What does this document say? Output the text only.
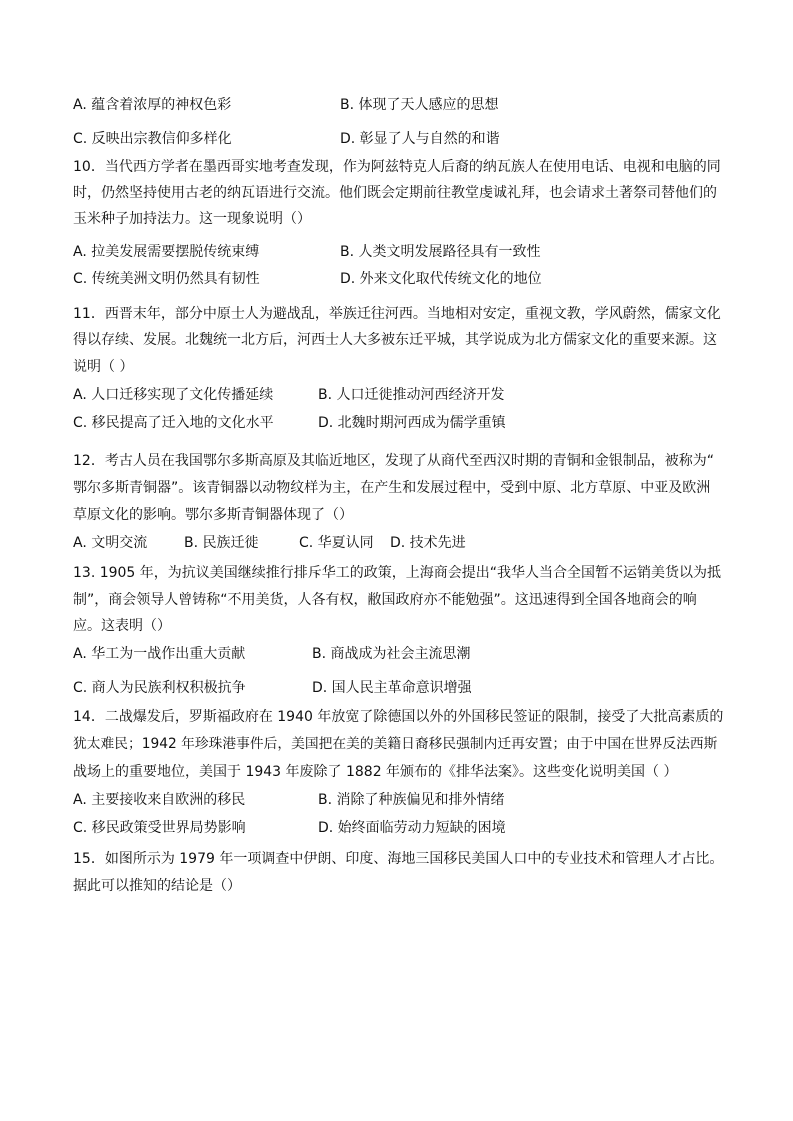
A. 蕴含着浓厚的神权色彩	B. 体现了天人感应的思想
C. 反映出宗教信仰多样化	D. 彰显了人与自然的和谐
10．当代西方学者在墨西哥实地考查发现，作为阿兹特克人后裔的纳瓦族人在使用电话、电视和电脑的同
时，仍然坚持使用古老的纳瓦语进行交流。他们既会定期前往教堂虔诚礼拜，也会请求土著祭司替他们的
玉米种子加持法力。这一现象说明（）
A. 拉美发展需要摆脱传统束缚	B. 人类文明发展路径具有一致性
C. 传统美洲文明仍然具有韧性	D. 外来文化取代传统文化的地位
11．西晋末年，部分中原士人为避战乱，举族迁往河西。当地相对安定，重视文教，学风蔚然，儒家文化
得以存续、发展。北魏统一北方后，河西士人大多被东迁平城，其学说成为北方儒家文化的重要来源。这
说明（ ）
A. 人口迁移实现了文化传播延续	B. 人口迁徙推动河西经济开发
C. 移民提高了迁入地的文化水平	D. 北魏时期河西成为儒学重镇
12．考古人员在我国鄂尔多斯高原及其临近地区，发现了从商代至西汉时期的青铜和金银制品，被称为“
鄂尔多斯青铜器”。该青铜器以动物纹样为主，在产生和发展过程中，受到中原、北方草原、中亚及欧洲
草原文化的影响。鄂尔多斯青铜器体现了（）
A. 文明交流	B. 民族迁徙	C. 华夏认同 D. 技术先进
13. 1905 年，为抗议美国继续推行排斥华工的政策，上海商会提出“我华人当合全国暂不运销美货以为抵
制”，商会领导人曾铸称“不用美货，人各有权，敝国政府亦不能勉强”。这迅速得到全国各地商会的响
应。这表明（）
A. 华工为一战作出重大贡献	B. 商战成为社会主流思潮
C. 商人为民族利权积极抗争	D. 国人民主革命意识增强
14．二战爆发后，罗斯福政府在 1940 年放宽了除德国以外的外国移民签证的限制，接受了大批高素质的
犹太难民；1942 年珍珠港事件后，美国把在美的美籍日裔移民强制内迁再安置；由于中国在世界反法西斯
战场上的重要地位，美国于 1943 年废除了 1882 年颁布的《排华法案》。这些变化说明美国（ ）
A. 主要接收来自欧洲的移民	B. 消除了种族偏见和排外情绪
C. 移民政策受世界局势影响	D. 始终面临劳动力短缺的困境
15．如图所示为 1979 年一项调查中伊朗、印度、海地三国移民美国人口中的专业技术和管理人才占比。
据此可以推知的结论是（）
